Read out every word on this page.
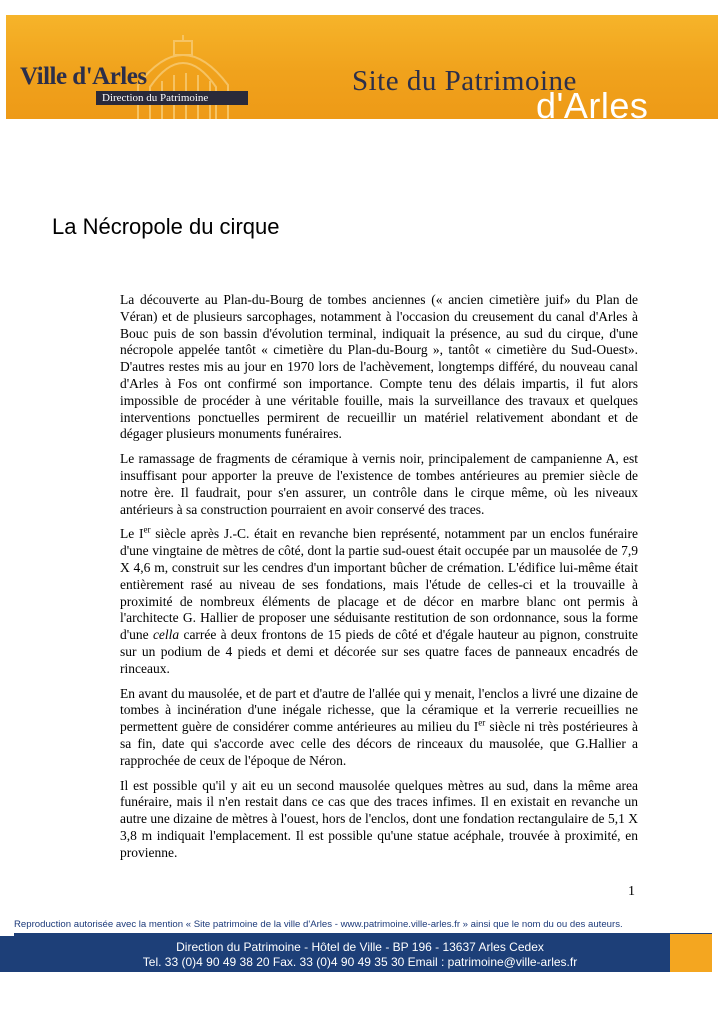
Ville d'Arles
Direction du Patrimoine
Site du Patrimoine
d'Arles
La Nécropole du cirque

La découverte au Plan-du-Bourg de tombes anciennes (« ancien cimetière juif» du Plan de Véran) et de plusieurs sarcophages, notamment à l'occasion du creusement du canal d'Arles à Bouc puis de son bassin d'évolution terminal, indiquait la présence, au sud du cirque, d'une nécropole appelée tantôt « cimetière du Plan-du-Bourg », tantôt « cimetière du Sud-Ouest». D'autres restes mis au jour en 1970 lors de l'achèvement, longtemps différé, du nouveau canal d'Arles à Fos ont confirmé son importance. Compte tenu des délais impartis, il fut alors impossible de procéder à une véritable fouille, mais la surveillance des travaux et quelques interventions ponctuelles permirent de recueillir un matériel relativement abondant et de dégager plusieurs monuments funéraires.

Le ramassage de fragments de céramique à vernis noir, principalement de campanienne A, est insuffisant pour apporter la preuve de l'existence de tombes antérieures au premier siècle de notre ère. Il faudrait, pour s'en assurer, un contrôle dans le cirque même, où les niveaux antérieurs à sa construction pourraient en avoir conservé des traces.

Le Ier siècle après J.-C. était en revanche bien représenté, notamment par un enclos funéraire d'une vingtaine de mètres de côté, dont la partie sud-ouest était occupée par un mausolée de 7,9 X 4,6 m, construit sur les cendres d'un important bûcher de crémation. L'édifice lui-même était entièrement rasé au niveau de ses fondations, mais l'étude de celles-ci et la trouvaille à proximité de nombreux éléments de placage et de décor en marbre blanc ont permis à l'architecte G. Hallier de proposer une séduisante restitution de son ordonnance, sous la forme d'une cella carrée à deux frontons de 15 pieds de côté et d'égale hauteur au pignon, construite sur un podium de 4 pieds et demi et décorée sur ses quatre faces de panneaux encadrés de rinceaux.

En avant du mausolée, et de part et d'autre de l'allée qui y menait, l'enclos a livré une dizaine de tombes à incinération d'une inégale richesse, que la céramique et la verrerie recueillies ne permettent guère de considérer comme antérieures au milieu du Ier siècle ni très postérieures à sa fin, date qui s'accorde avec celle des décors de rinceaux du mausolée, que G.Hallier a rapprochée de ceux de l'époque de Néron.

Il est possible qu'il y ait eu un second mausolée quelques mètres au sud, dans la même area funéraire, mais il n'en restait dans ce cas que des traces infimes. Il en existait en revanche un autre une dizaine de mètres à l'ouest, hors de l'enclos, dont une fondation rectangulaire de 5,1 X 3,8 m indiquait l'emplacement. Il est possible qu'une statue acéphale, trouvée à proximité, en provienne.

1
Reproduction autorisée avec la mention « Site patrimoine de la ville d'Arles - www.patrimoine.ville-arles.fr » ainsi que le nom du ou des auteurs.
Direction du Patrimoine - Hôtel de Ville - BP 196 - 13637 Arles Cedex
Tel. 33 (0)4 90 49 38 20 Fax. 33 (0)4 90 49 35 30 Email : patrimoine@ville-arles.fr
